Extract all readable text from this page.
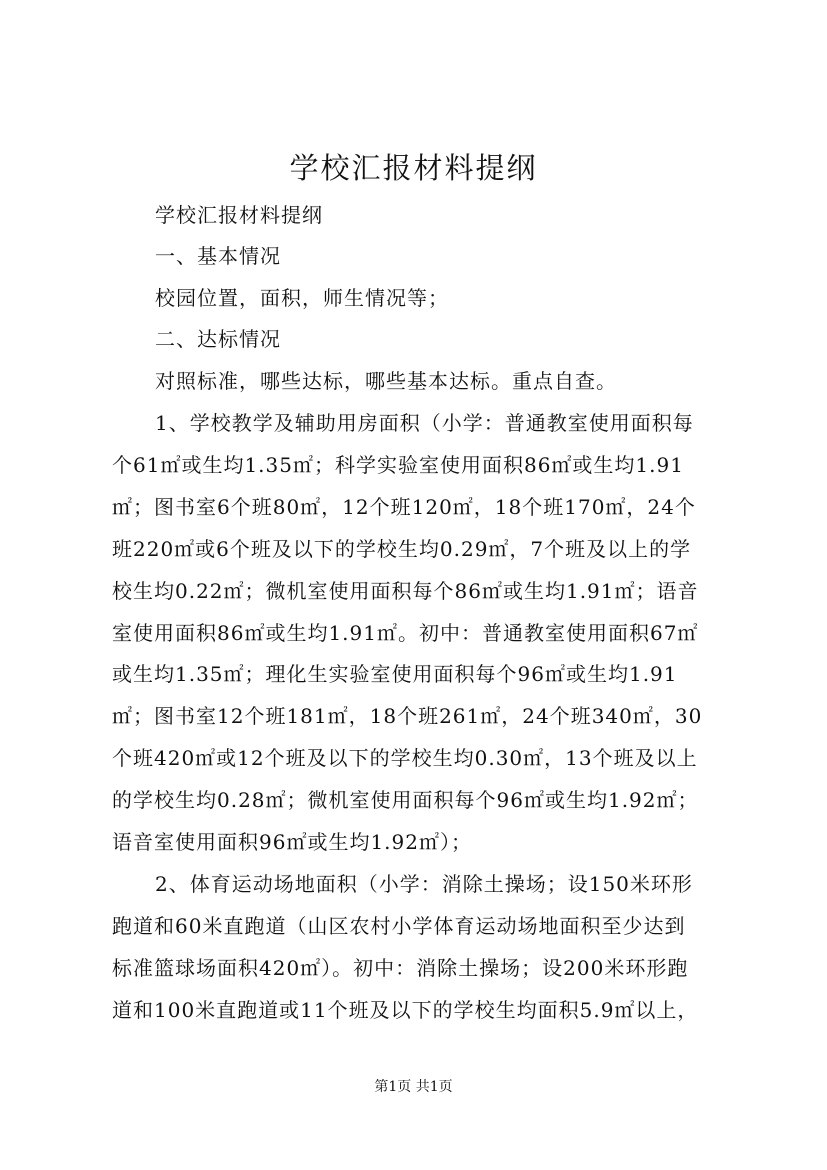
学校汇报材料提纲
学校汇报材料提纲
一、基本情况
校园位置，面积，师生情况等；
二、达标情况
对照标准，哪些达标，哪些基本达标。重点自查。
1、学校教学及辅助用房面积（小学：普通教室使用面积每
个61㎡或生均1.35㎡；科学实验室使用面积86㎡或生均1.91
㎡；图书室6个班80㎡，12个班120㎡，18个班170㎡，24个
班220㎡或6个班及以下的学校生均0.29㎡，7个班及以上的学
校生均0.22㎡；微机室使用面积每个86㎡或生均1.91㎡；语音
室使用面积86㎡或生均1.91㎡。初中：普通教室使用面积67㎡
或生均1.35㎡；理化生实验室使用面积每个96㎡或生均1.91
㎡；图书室12个班181㎡，18个班261㎡，24个班340㎡，30
个班420㎡或12个班及以下的学校生均0.30㎡，13个班及以上
的学校生均0.28㎡；微机室使用面积每个96㎡或生均1.92㎡；
语音室使用面积96㎡或生均1.92㎡）；
2、体育运动场地面积（小学：消除土操场；设150米环形
跑道和60米直跑道（山区农村小学体育运动场地面积至少达到
标准篮球场面积420㎡）。初中：消除土操场；设200米环形跑
道和100米直跑道或11个班及以下的学校生均面积5.9㎡以上，
第1页 共1页
